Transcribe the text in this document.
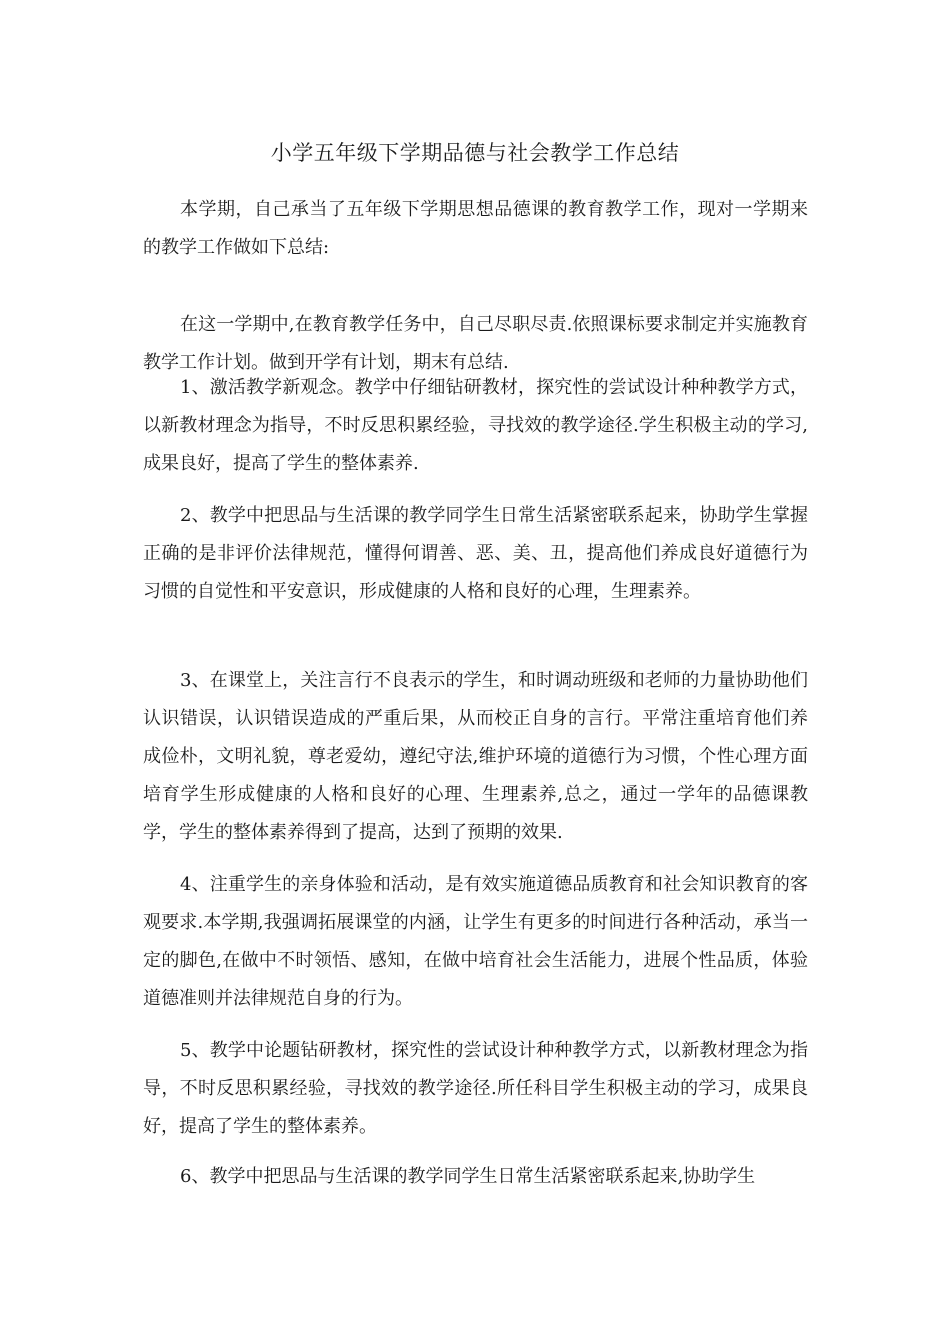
小学五年级下学期品德与社会教学工作总结

本学期，自己承当了五年级下学期思想品德课的教育教学工作，现对一学期来的教学工作做如下总结:

在这一学期中,在教育教学任务中，自己尽职尽责.依照课标要求制定并实施教育教学工作计划。做到开学有计划，期末有总结.

1、激活教学新观念。教学中仔细钻研教材，探究性的尝试设计种种教学方式，以新教材理念为指导，不时反思积累经验，寻找效的教学途径.学生积极主动的学习,成果良好，提高了学生的整体素养.

2、教学中把思品与生活课的教学同学生日常生活紧密联系起来，协助学生掌握正确的是非评价法律规范，懂得何谓善、恶、美、丑，提高他们养成良好道德行为习惯的自觉性和平安意识，形成健康的人格和良好的心理，生理素养。

3、在课堂上，关注言行不良表示的学生，和时调动班级和老师的力量协助他们认识错误，认识错误造成的严重后果，从而校正自身的言行。平常注重培育他们养成俭朴，文明礼貌，尊老爱幼，遵纪守法,维护环境的道德行为习惯，个性心理方面培育学生形成健康的人格和良好的心理、生理素养,总之，通过一学年的品德课教学，学生的整体素养得到了提高，达到了预期的效果.

4、注重学生的亲身体验和活动，是有效实施道德品质教育和社会知识教育的客观要求.本学期,我强调拓展课堂的内涵，让学生有更多的时间进行各种活动，承当一定的脚色,在做中不时领悟、感知，在做中培育社会生活能力，进展个性品质，体验道德准则并法律规范自身的行为。

5、教学中论题钻研教材，探究性的尝试设计种种教学方式，以新教材理念为指导，不时反思积累经验，寻找效的教学途径.所任科目学生积极主动的学习，成果良好，提高了学生的整体素养。

6、教学中把思品与生活课的教学同学生日常生活紧密联系起来,协助学生
